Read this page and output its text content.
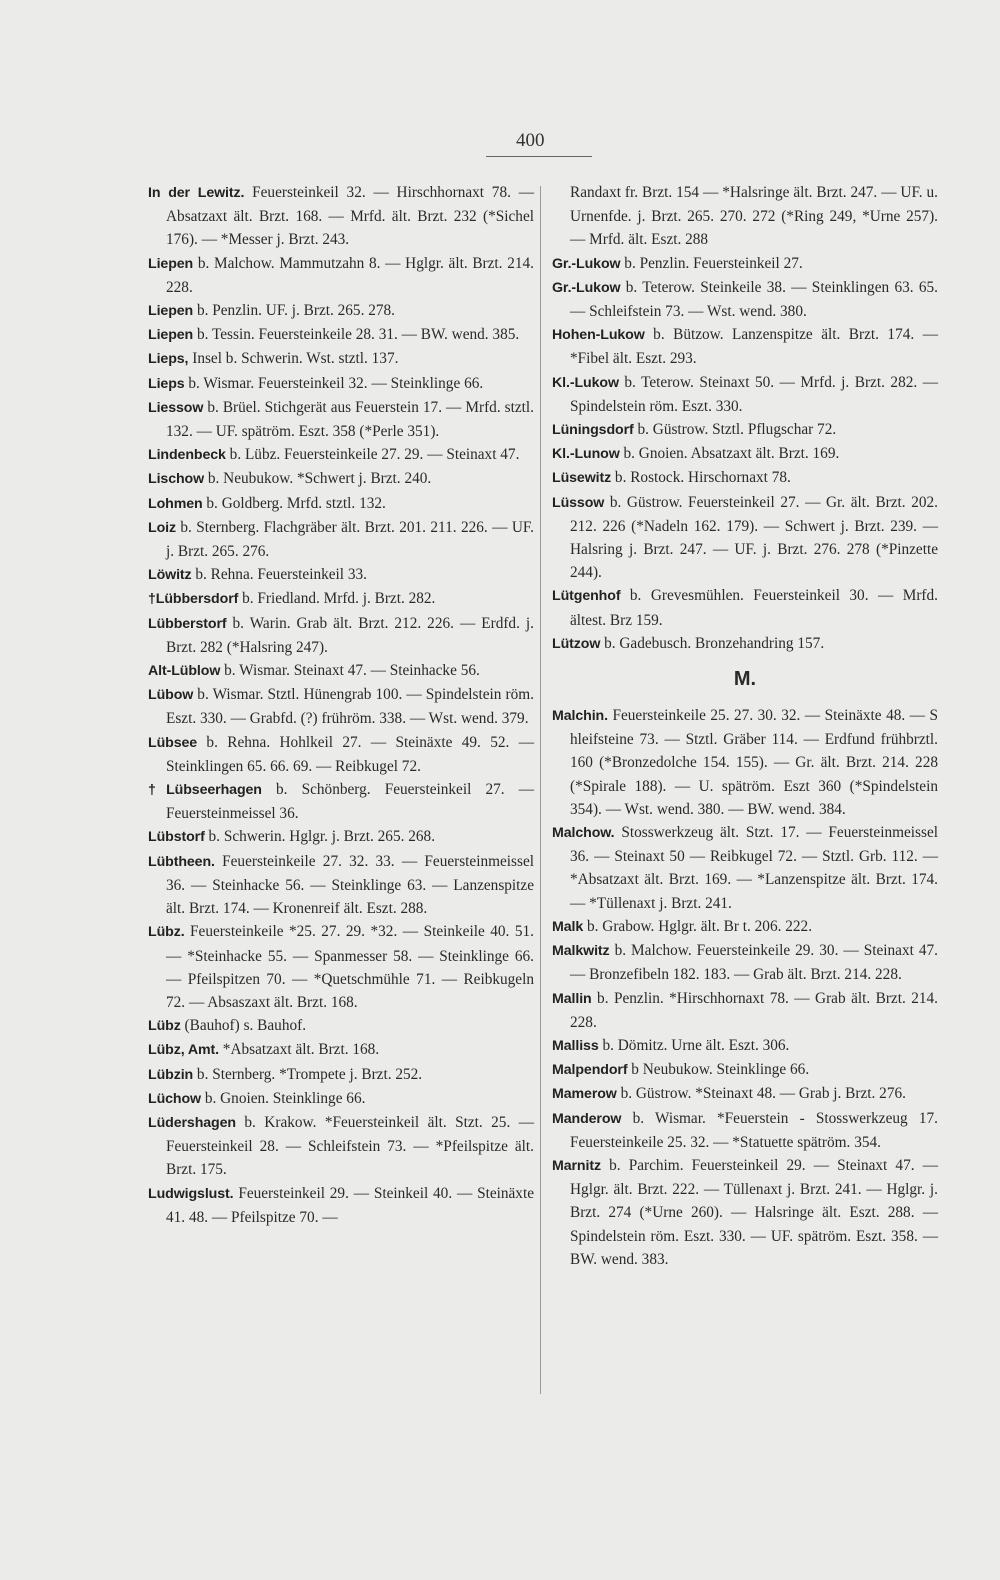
400

In der Lewitz. Feuersteinkeil 32. — Hirschhornaxt 78. — Absatzaxt ält. Brzt. 168. — Mrfd. ält. Brzt. 232 (*Sichel 176). — *Messer j. Brzt. 243.

Liepen b. Malchow. Mammutzahn 8. — Hglgr. ält. Brzt. 214. 228.

Liepen b. Penzlin. UF. j. Brzt. 265. 278.

Liepen b. Tessin. Feuersteinkeile 28. 31. — BW. wend. 385.

Lieps, Insel b. Schwerin. Wst. stztl. 137.

Lieps b. Wismar. Feuersteinkeil 32. — Steinklinge 66.

Liessow b. Brüel. Stichgerät aus Feuerstein 17. — Mrfd. stztl. 132. — UF. spätröm. Eszt. 358 (*Perle 351).

Lindenbeck b. Lübz. Feuersteinkeile 27. 29. — Steinaxt 47.

Lischow b. Neubukow. *Schwert j. Brzt. 240.

Lohmen b. Goldberg. Mrfd. stztl. 132.

Loiz b. Sternberg. Flachgräber ält. Brzt. 201. 211. 226. — UF. j. Brzt. 265. 276.

Löwitz b. Rehna. Feuersteinkeil 33.

†Lübbersdorf b. Friedland. Mrfd. j. Brzt. 282.

Lübberstorf b. Warin. Grab ält. Brzt. 212. 226. — Erdfd. j. Brzt. 282 (*Halsring 247).

Alt-Lüblow b. Wismar. Steinaxt 47. — Steinhacke 56.

Lübow b. Wismar. Stztl. Hünengrab 100. — Spindelstein röm. Eszt. 330. — Grabfd. (?) frühröm. 338. — Wst. wend. 379.

Lübsee b. Rehna. Hohlkeil 27. — Steinäxte 49. 52. — Steinklingen 65. 66. 69. — Reibkugel 72.

†Lübseerhagen b. Schönberg. Feuersteinkeil 27. — Feuersteinmeissel 36.

Lübstorf b. Schwerin. Hglgr. j. Brzt. 265. 268.

Lübtheen. Feuersteinkeile 27. 32. 33. — Feuersteinmeissel 36. — Steinhacke 56. — Steinklinge 63. — Lanzenspitze ält. Brzt. 174. — Kronenreif ält. Eszt. 288.

Lübz. Feuersteinkeile *25. 27. 29. *32. — Steinkeile 40. 51. — *Steinhacke 55. — Spanmesser 58. — Steinklinge 66. — Pfeilspitzen 70. — *Quetschmühle 71. — Reibkugeln 72. — Absaszaxt ält. Brzt. 168.

Lübz (Bauhof) s. Bauhof.

Lübz, Amt. *Absatzaxt ält. Brzt. 168.

Lübzin b. Sternberg. *Trompete j. Brzt. 252.

Lüchow b. Gnoien. Steinklinge 66.

Lüdershagen b. Krakow. *Feuersteinkeil ält. Stzt. 25. — Feuersteinkeil 28. — Schleifstein 73. — *Pfeilspitze ält. Brzt. 175.

Ludwigslust. Feuersteinkeil 29. — Steinkeil 40. — Steinäxte 41. 48. — Pfeilspitze 70. —

Randaxt fr. Brzt. 154 — *Halsringe ält. Brzt. 247. — UF. u. Urnenfde. j. Brzt. 265. 270. 272 (*Ring 249, *Urne 257). — Mrfd. ält. Eszt. 288

Gr.-Lukow b. Penzlin. Feuersteinkeil 27.

Gr.-Lukow b. Teterow. Steinkeile 38. — Steinklingen 63. 65. — Schleifstein 73. — Wst. wend. 380.

Hohen-Lukow b. Bützow. Lanzenspitze ält. Brzt. 174. — *Fibel ält. Eszt. 293.

Kl.-Lukow b. Teterow. Steinaxt 50. — Mrfd. j. Brzt. 282. — Spindelstein röm. Eszt. 330.

Lüningsdorf b. Güstrow. Stztl. Pflugschar 72.

Kl.-Lunow b. Gnoien. Absatzaxt ält. Brzt. 169.

Lüsewitz b. Rostock. Hirschornaxt 78.

Lüssow b. Güstrow. Feuersteinkeil 27. — Gr. ält. Brzt. 202. 212. 226 (*Nadeln 162. 179). — Schwert j. Brzt. 239. — Halsring j. Brzt. 247. — UF. j. Brzt. 276. 278 (*Pinzette 244).

Lütgenhof b. Grevesmühlen. Feuersteinkeil 30. — Mrfd. ältest. Brz 159.

Lützow b. Gadebusch. Bronzehandring 157.

M.

Malchin. Feuersteinkeile 25. 27. 30. 32. — Steinäxte 48. — S hleifsteine 73. — Stztl. Gräber 114. — Erdfund frühbrztl. 160 (*Bronzedolche 154. 155). — Gr. ält. Brzt. 214. 228 (*Spirale 188). — U. spätröm. Eszt 360 (*Spindelstein 354). — Wst. wend. 380. — BW. wend. 384.

Malchow. Stosswerkzeug ält. Stzt. 17. — Feuersteinmeissel 36. — Steinaxt 50 — Reibkugel 72. — Stztl. Grb. 112. — *Absatzaxt ält. Brzt. 169. — *Lanzenspitze ält. Brzt. 174. — *Tüllenaxt j. Brzt. 241.

Malk b. Grabow. Hglgr. ält. Br t. 206. 222.

Malkwitz b. Malchow. Feuersteinkeile 29. 30. — Steinaxt 47. — Bronzefibeln 182. 183. — Grab ält. Brzt. 214. 228.

Mallin b. Penzlin. *Hirschhornaxt 78. — Grab ält. Brzt. 214. 228.

Malliss b. Dömitz. Urne ält. Eszt. 306.

Malpendorf b Neubukow. Steinklinge 66.

Mamerow b. Güstrow. *Steinaxt 48. — Grab j. Brzt. 276.

Manderow b. Wismar. *Feuerstein - Stosswerkzeug 17. Feuersteinkeile 25. 32. — *Statuette spätröm. 354.

Marnitz b. Parchim. Feuersteinkeil 29. — Steinaxt 47. — Hglgr. ält. Brzt. 222. — Tüllenaxt j. Brzt. 241. — Hglgr. j. Brzt. 274 (*Urne 260). — Halsringe ält. Eszt. 288. — Spindelstein röm. Eszt. 330. — UF. spätröm. Eszt. 358. — BW. wend. 383.
